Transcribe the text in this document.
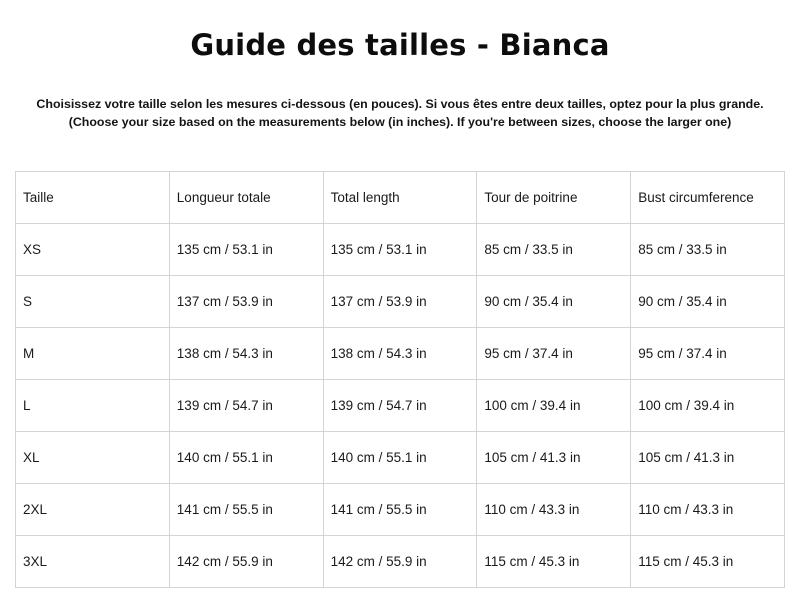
Guide des tailles - Bianca
Choisissez votre taille selon les mesures ci-dessous (en pouces). Si vous êtes entre deux tailles, optez pour la plus grande.
(Choose your size based on the measurements below (in inches). If you're between sizes, choose the larger one)
Taille	Longueur totale	Total length	Tour de poitrine	Bust circumference
XS	135 cm / 53.1 in	135 cm / 53.1 in	85 cm / 33.5 in	85 cm / 33.5 in
S	137 cm / 53.9 in	137 cm / 53.9 in	90 cm / 35.4 in	90 cm / 35.4 in
M	138 cm / 54.3 in	138 cm / 54.3 in	95 cm / 37.4 in	95 cm / 37.4 in
L	139 cm / 54.7 in	139 cm / 54.7 in	100 cm / 39.4 in	100 cm / 39.4 in
XL	140 cm / 55.1 in	140 cm / 55.1 in	105 cm / 41.3 in	105 cm / 41.3 in
2XL	141 cm / 55.5 in	141 cm / 55.5 in	110 cm / 43.3 in	110 cm / 43.3 in
3XL	142 cm / 55.9 in	142 cm / 55.9 in	115 cm / 45.3 in	115 cm / 45.3 in
